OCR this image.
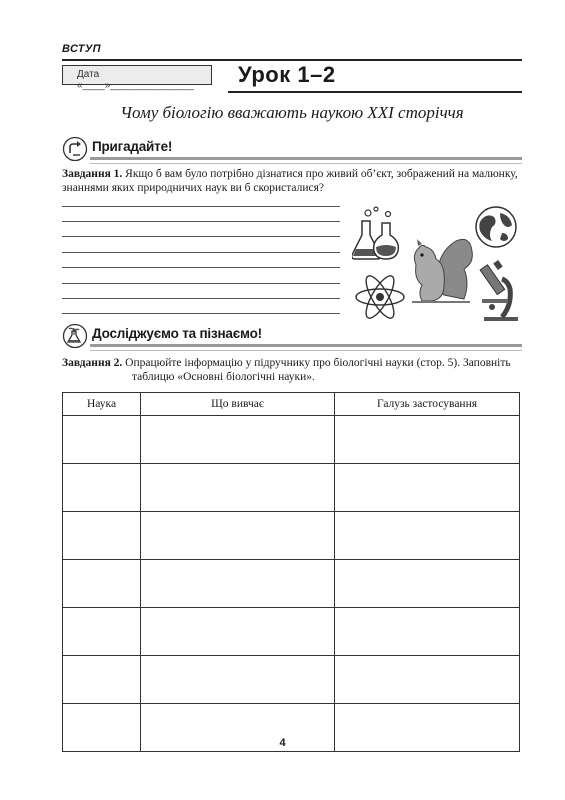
ВСТУП
Дата «____»_______________	Урок 1–2
Чому біологію вважають наукою XXI сторіччя
Пригадайте!
Завдання 1. Якщо б вам було потрібно дізнатися про живий об’єкт, зображений на малюнку, знаннями яких природничих наук ви б скористалися?
Досліджуємо та пізнаємо!
Завдання 2. Опрацюйте інформацію у підручнику про біологічні науки (стор. 5). Заповніть таблицю «Основні біологічні науки».
Наука	Що вивчає	Галузь застосування

4
